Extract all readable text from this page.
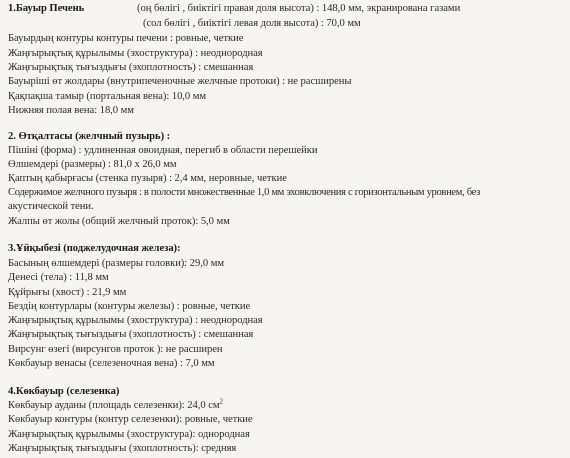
1.Бауыр Печень	(оң бөлігі , биіктігі правая доля высота) : 148,0 мм, экранирована газами
(сол бөлігі , биіктігі левая доля высота) : 70,0 мм
Бауырдың контуры контуры печени : ровные, четкие
Жаңғырықтық құрылымы (эхоструктура) : неоднородная
Жаңғырықтық тығыздығы (эхоплотность) : смешанная
Бауырішi өт жолдары (внутрипеченочные желчные протоки) : не расширены
Қақпақша тамыр (портальная вена): 10,0 мм
Нижняя полая вена: 18,0 мм
2. Өтқалтасы (желчный пузырь) :
Пiшiнi (форма) : удлиненная овоидная, перегиб в области перешейки
Өлшемдерi (размеры) : 81,0 х 26,0 мм
Қаптың қабырғасы (стенка пузыря) : 2,4 мм, неровные, четкие
Содержимое желчного пузыря : в полости множественные 1,0 мм эховключения с горизонтальным уровнем, без
акустической тени.
Жалпы өт жолы (общий желчный проток): 5,0 мм
3.Ұйқыбезі (поджелудочная железа):
Басының өлшемдерi (размеры головки): 29,0 мм
Денесi (тела) : 11,8 мм
Құйрығы (хвост) : 21,9 мм
Бездiң контурлары (контуры железы) : ровные, четкие
Жаңғырықтық құрылымы (эхоструктура) : неоднородная
Жаңғырықтық тығыздығы (эхоплотность) : смешанная
Вирсунг өзегi (вирсунгов проток ): не расширен
Көкбауыр венасы (селезеночная вена) : 7,0 мм
4.Көкбауыр (селезенка)
Көкбауыр ауданы (площадь селезенки): 24,0 $см^2$
Көкбауыр контуры (контур селезенки): ровные, четкие
Жаңғырықтық құрылымы (эхоструктура): однородная
Жаңғырықтық тығыздығы (эхоплотность): средняя
